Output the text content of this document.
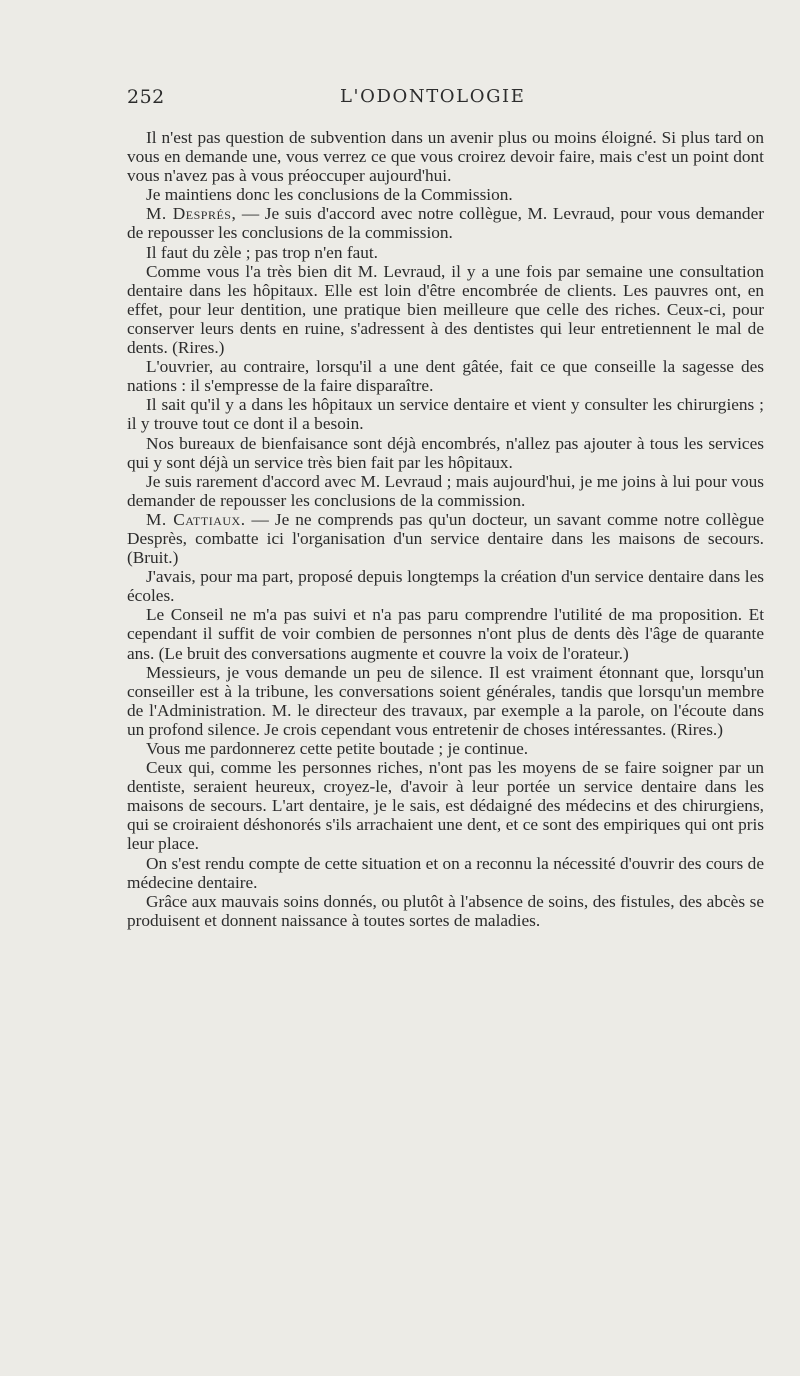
252	L'ODONTOLOGIE

Il n'est pas question de subvention dans un avenir plus ou moins éloigné. Si plus tard on vous en demande une, vous verrez ce que vous croirez devoir faire, mais c'est un point dont vous n'avez pas à vous préoccuper aujourd'hui.

Je maintiens donc les conclusions de la Commission.

M. Després, — Je suis d'accord avec notre collègue, M. Levraud, pour vous demander de repousser les conclusions de la commission.

Il faut du zèle ; pas trop n'en faut.

Comme vous l'a très bien dit M. Levraud, il y a une fois par semaine une consultation dentaire dans les hôpitaux. Elle est loin d'être encombrée de clients. Les pauvres ont, en effet, pour leur dentition, une pratique bien meilleure que celle des riches. Ceux-ci, pour conserver leurs dents en ruine, s'adressent à des dentistes qui leur entretiennent le mal de dents. (Rires.)

L'ouvrier, au contraire, lorsqu'il a une dent gâtée, fait ce que conseille la sagesse des nations : il s'empresse de la faire disparaître.

Il sait qu'il y a dans les hôpitaux un service dentaire et vient y consulter les chirurgiens ; il y trouve tout ce dont il a besoin.

Nos bureaux de bienfaisance sont déjà encombrés, n'allez pas ajouter à tous les services qui y sont déjà un service très bien fait par les hôpitaux.

Je suis rarement d'accord avec M. Levraud ; mais aujourd'hui, je me joins à lui pour vous demander de repousser les conclusions de la commission.

M. Cattiaux. — Je ne comprends pas qu'un docteur, un savant comme notre collègue Desprès, combatte ici l'organisation d'un service dentaire dans les maisons de secours. (Bruit.)

J'avais, pour ma part, proposé depuis longtemps la création d'un service dentaire dans les écoles.

Le Conseil ne m'a pas suivi et n'a pas paru comprendre l'utilité de ma proposition. Et cependant il suffit de voir combien de personnes n'ont plus de dents dès l'âge de quarante ans. (Le bruit des conversations augmente et couvre la voix de l'orateur.)

Messieurs, je vous demande un peu de silence. Il est vraiment étonnant que, lorsqu'un conseiller est à la tribune, les conversations soient générales, tandis que lorsqu'un membre de l'Administration. M. le directeur des travaux, par exemple a la parole, on l'écoute dans un profond silence. Je crois cependant vous entretenir de choses intéressantes. (Rires.)

Vous me pardonnerez cette petite boutade ; je continue.

Ceux qui, comme les personnes riches, n'ont pas les moyens de se faire soigner par un dentiste, seraient heureux, croyez-le, d'avoir à leur portée un service dentaire dans les maisons de secours. L'art dentaire, je le sais, est dédaigné des médecins et des chirurgiens, qui se croiraient déshonorés s'ils arrachaient une dent, et ce sont des empiriques qui ont pris leur place.

On s'est rendu compte de cette situation et on a reconnu la nécessité d'ouvrir des cours de médecine dentaire.

Grâce aux mauvais soins donnés, ou plutôt à l'absence de soins, des fistules, des abcès se produisent et donnent naissance à toutes sortes de maladies.
